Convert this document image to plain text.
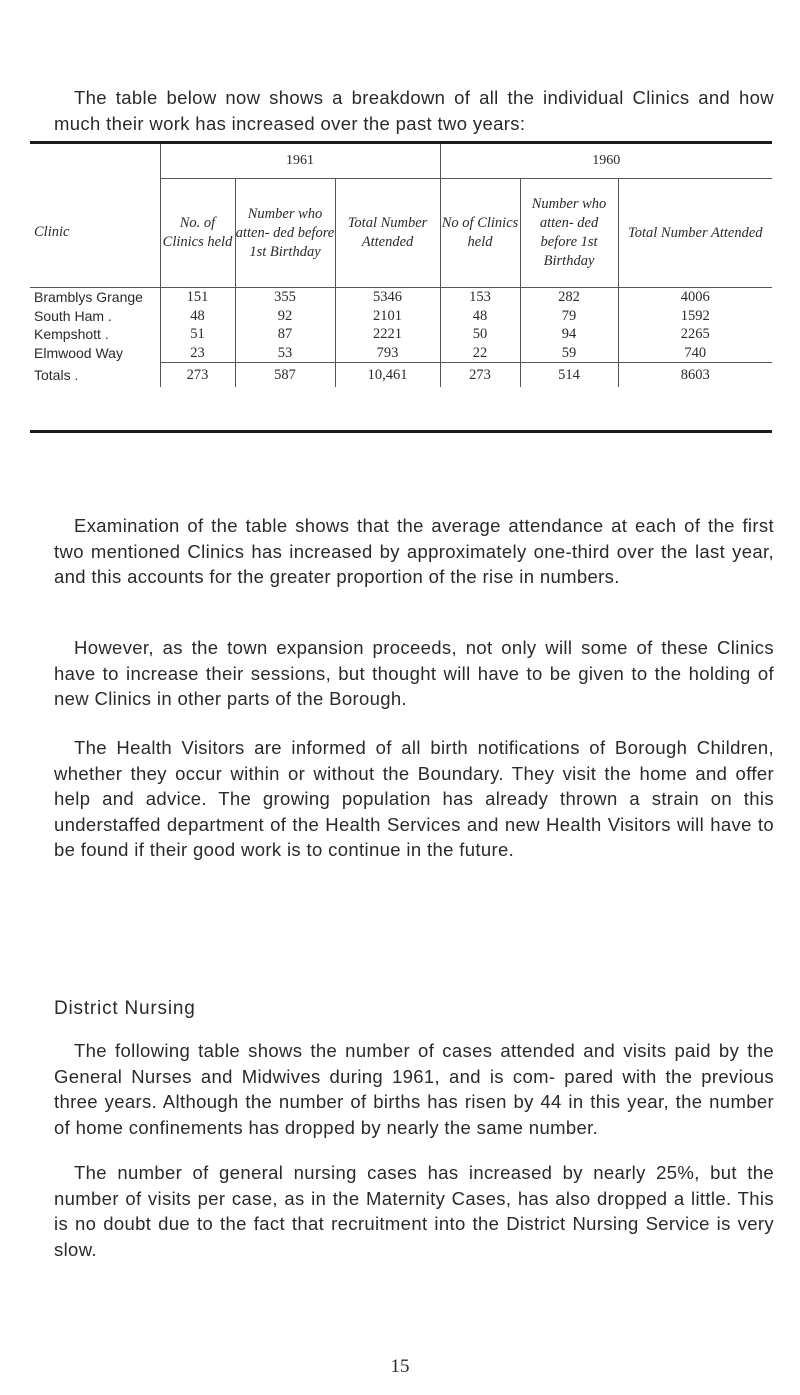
The table below now shows a breakdown of all the individual Clinics and how much their work has increased over the past two years:

	1961			1960		
Clinic	No. of Clinics held	Number who atten- ded before 1st Birthday	Total Number Attended	No of Clinics held	Number who atten- ded before 1st Birthday	Total Number Attended
Bramblys Grange	151	355	5346	153	282	4006
South Ham .	48	92	2101	48	79	1592
Kempshott .	51	87	2221	50	94	2265
Elmwood Way	23	53	793	22	59	740
Totals .	273	587	10,461	273	514	8603

Examination of the table shows that the average attendance at each of the first two mentioned Clinics has increased by approximately one-third over the last year, and this accounts for the greater proportion of the rise in numbers.

However, as the town expansion proceeds, not only will some of these Clinics have to increase their sessions, but thought will have to be given to the holding of new Clinics in other parts of the Borough.

The Health Visitors are informed of all birth notifications of Borough Children, whether they occur within or without the Boundary. They visit the home and offer help and advice. The growing population has already thrown a strain on this understaffed department of the Health Services and new Health Visitors will have to be found if their good work is to continue in the future.

District Nursing

The following table shows the number of cases attended and visits paid by the General Nurses and Midwives during 1961, and is com- pared with the previous three years. Although the number of births has risen by 44 in this year, the number of home confinements has dropped by nearly the same number.

The number of general nursing cases has increased by nearly 25%, but the number of visits per case, as in the Maternity Cases, has also dropped a little. This is no doubt due to the fact that recruitment into the District Nursing Service is very slow.

15
